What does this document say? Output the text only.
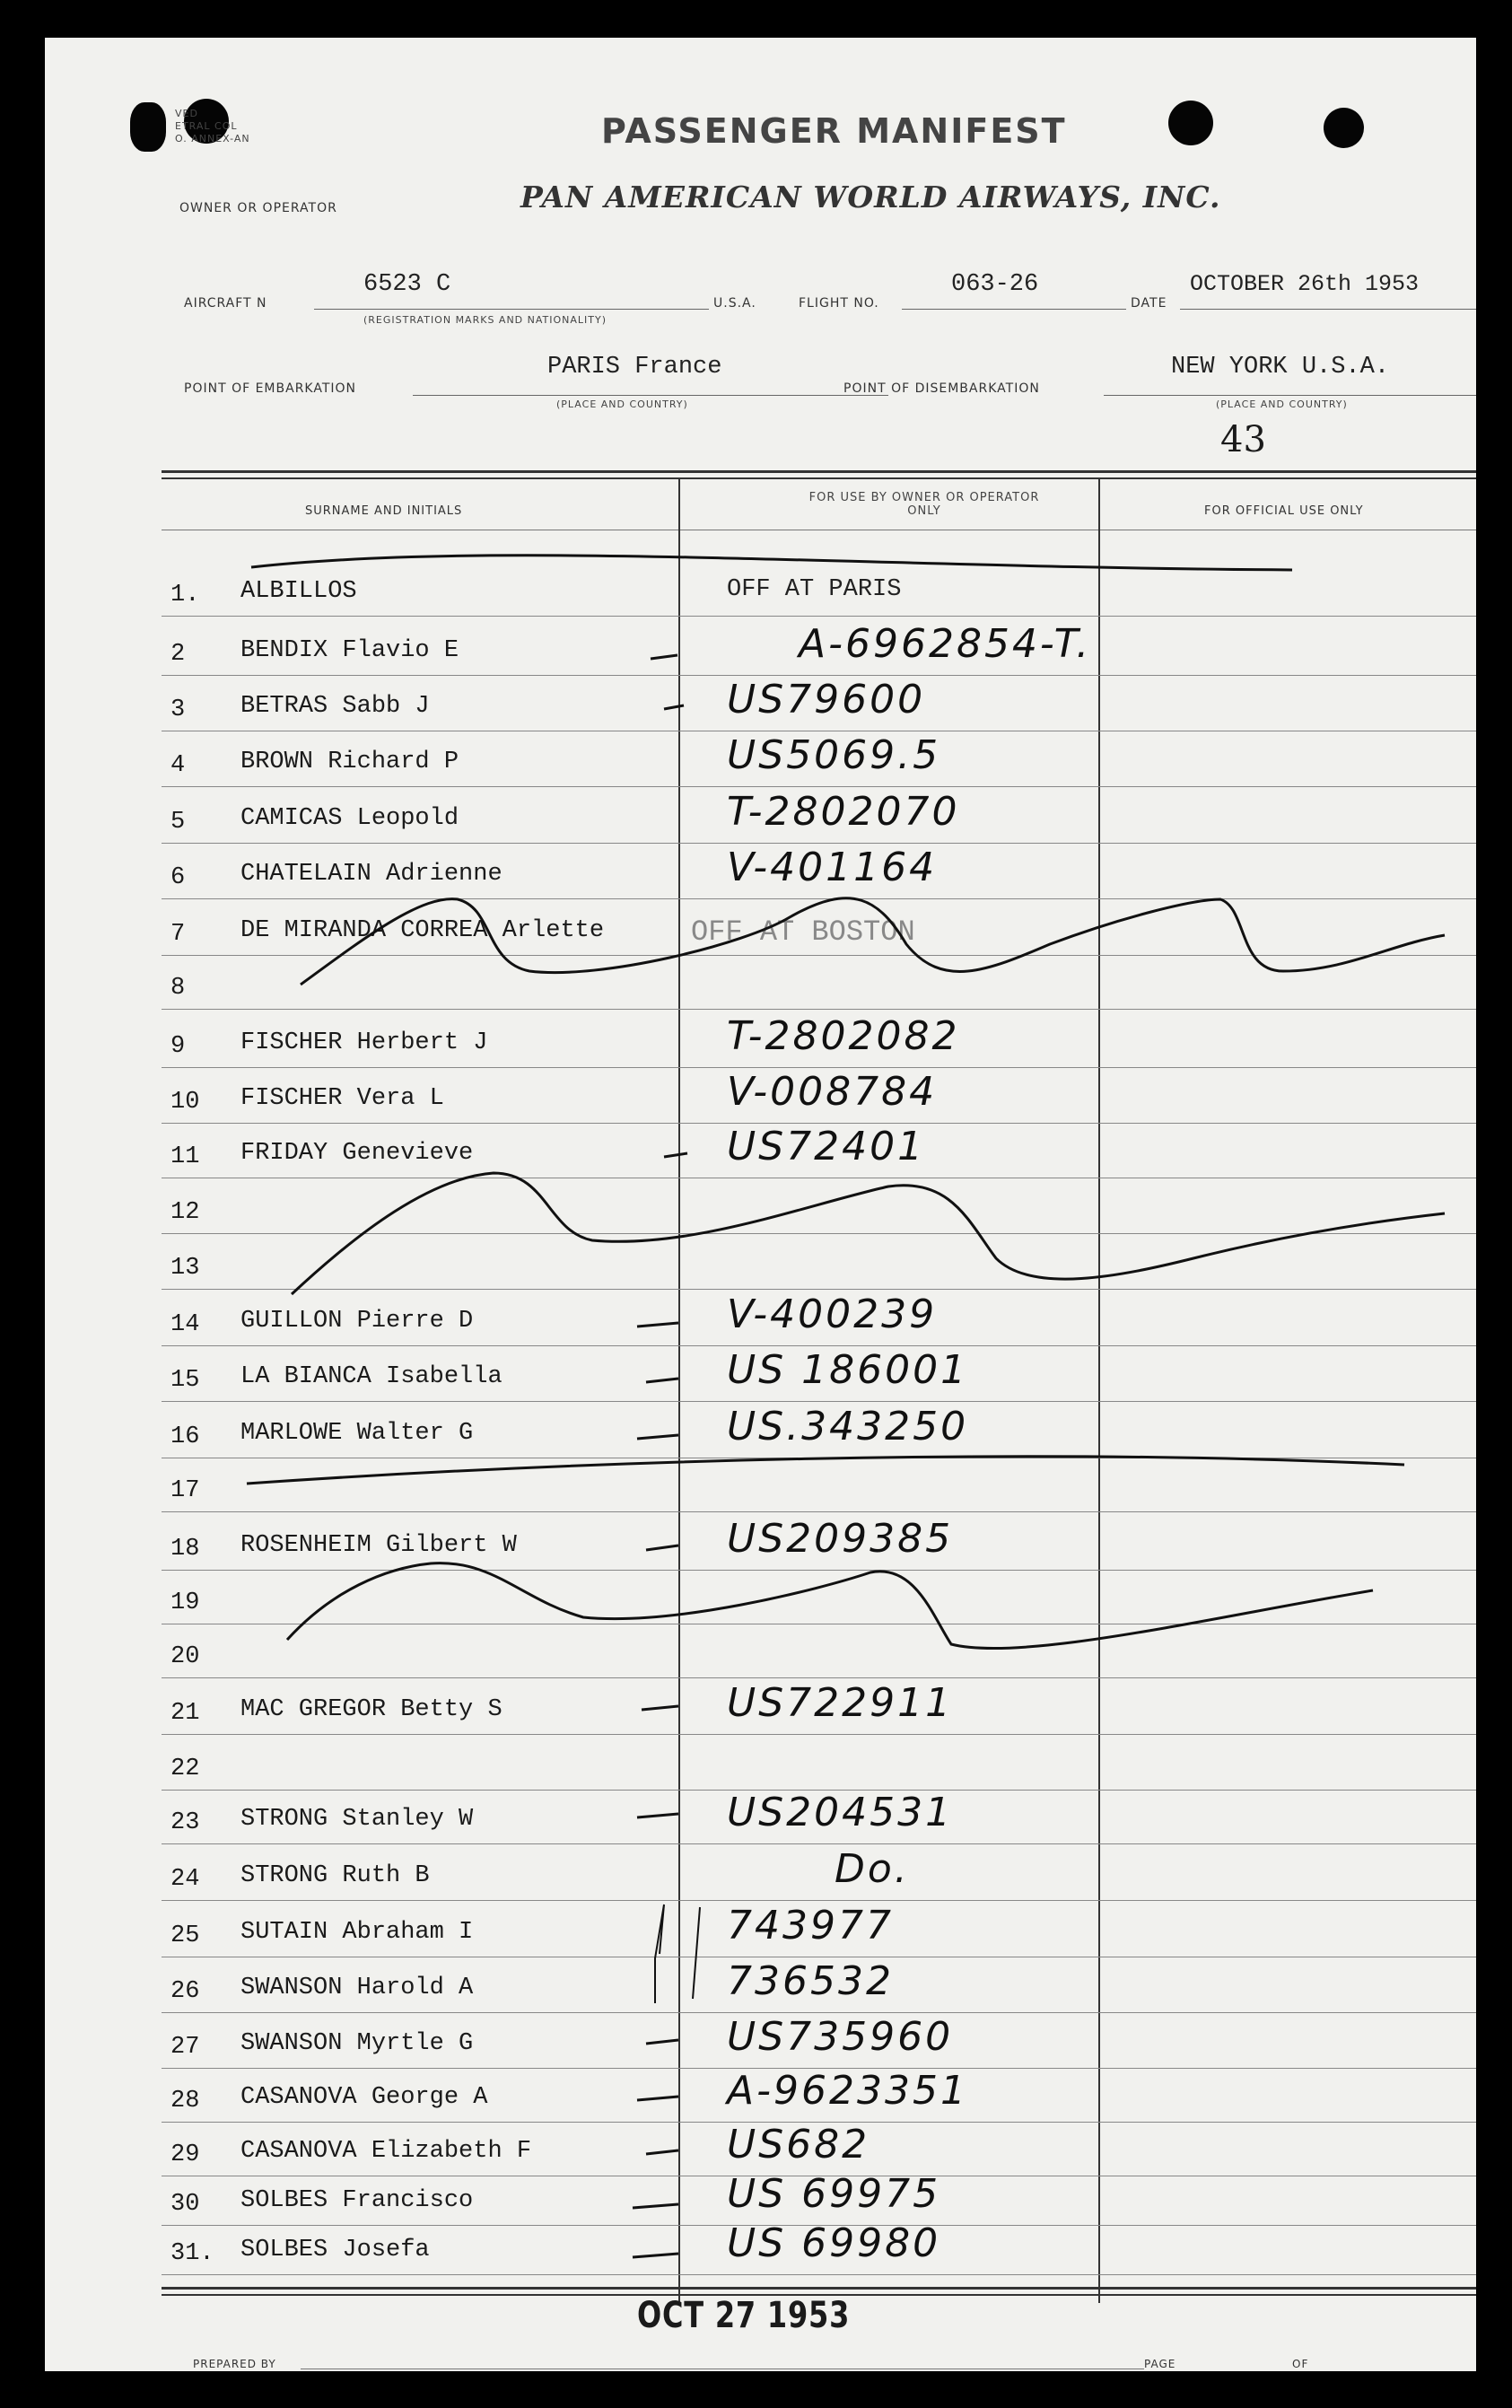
VED
ETRAL COL
O. ANNEX-AN	PASSENGER MANIFEST
OWNER OR OPERATOR	PAN AMERICAN WORLD AIRWAYS, INC.
AIRCRAFT N
6523 C
(REGISTRATION MARKS AND NATIONALITY)
U.S.A.	FLIGHT NO.
063-26
DATE
OCTOBER 26th 1953
POINT OF EMBARKATION
PARIS France
(PLACE AND COUNTRY)
POINT OF DISEMBARKATION
NEW YORK U.S.A.
(PLACE AND COUNTRY)
43
SURNAME AND INITIALS
FOR USE BY OWNER OR OPERATOR ONLY	FOR OFFICIAL USE ONLY
1.	ALBILLOS	OFF AT PARIS
2	BENDIX Flavio E	A-6962854-T.
3	BETRAS Sabb J	US79600
4	BROWN Richard P	US5069.5
5	CAMICAS Leopold	T-2802070
6	CHATELAIN Adrienne	V-401164
7	DE MIRANDA CORREA Arlette	OFF AT BOSTON
8
9	FISCHER Herbert J	T-2802082
10	FISCHER Vera L	V-008784
11	FRIDAY Genevieve	US72401
12
13
14	GUILLON Pierre D	V-400239
15	LA BIANCA Isabella	US 186001
16	MARLOWE Walter G	US.343250
17
18	ROSENHEIM Gilbert W	US209385
19
20
21	MAC GREGOR Betty S	US722911
22
23	STRONG Stanley W	US204531
24	STRONG Ruth B	Do.
25	SUTAIN Abraham I	743977
26	SWANSON Harold A	736532
27	SWANSON Myrtle G	US735960
28	CASANOVA George A	A-9623351
29	CASANOVA Elizabeth F	US682
30	SOLBES Francisco	US 69975
31.	SOLBES Josefa	US 69980
OCT 27 1953
PREPARED BY	PAGE	OF
